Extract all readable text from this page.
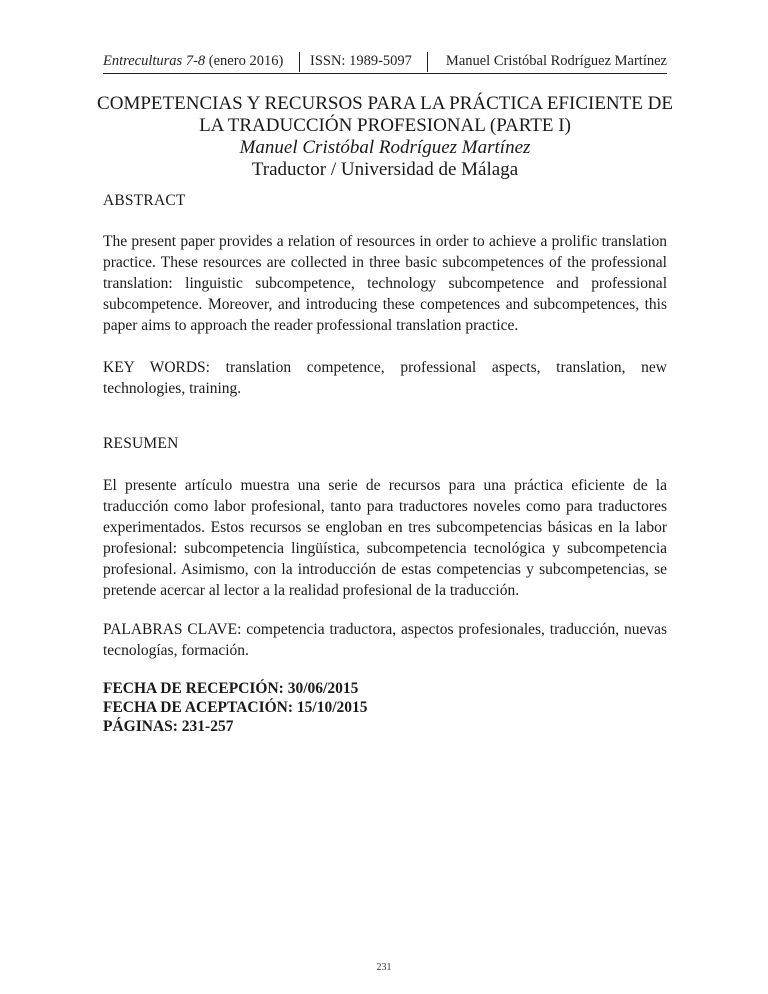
Entreculturas 7-8 (enero 2016) ISSN: 1989-5097 Manuel Cristóbal Rodríguez Martínez
COMPETENCIAS Y RECURSOS PARA LA PRÁCTICA EFICIENTE DE
LA TRADUCCIÓN PROFESIONAL (PARTE I)
Manuel Cristóbal Rodríguez Martínez
Traductor / Universidad de Málaga
ABSTRACT
The present paper provides a relation of resources in order to achieve a prolific translation practice. These resources are collected in three basic subcompetences of the professional translation: linguistic subcompetence, technology subcompetence and professional subcompetence. Moreover, and introducing these competences and subcompetences, this paper aims to approach the reader professional translation practice.
KEY WORDS: translation competence, professional aspects, translation, new technologies, training.
RESUMEN
El presente artículo muestra una serie de recursos para una práctica eficiente de la traducción como labor profesional, tanto para traductores noveles como para traductores experimentados. Estos recursos se engloban en tres subcompetencias básicas en la labor profesional: subcompetencia lingüística, subcompetencia tecnológica y subcompetencia profesional. Asimismo, con la introducción de estas competencias y subcompetencias, se pretende acercar al lector a la realidad profesional de la traducción.
PALABRAS CLAVE: competencia traductora, aspectos profesionales, traducción, nuevas tecnologías, formación.
FECHA DE RECEPCIÓN: 30/06/2015
FECHA DE ACEPTACIÓN: 15/10/2015
PÁGINAS: 231-257
231
